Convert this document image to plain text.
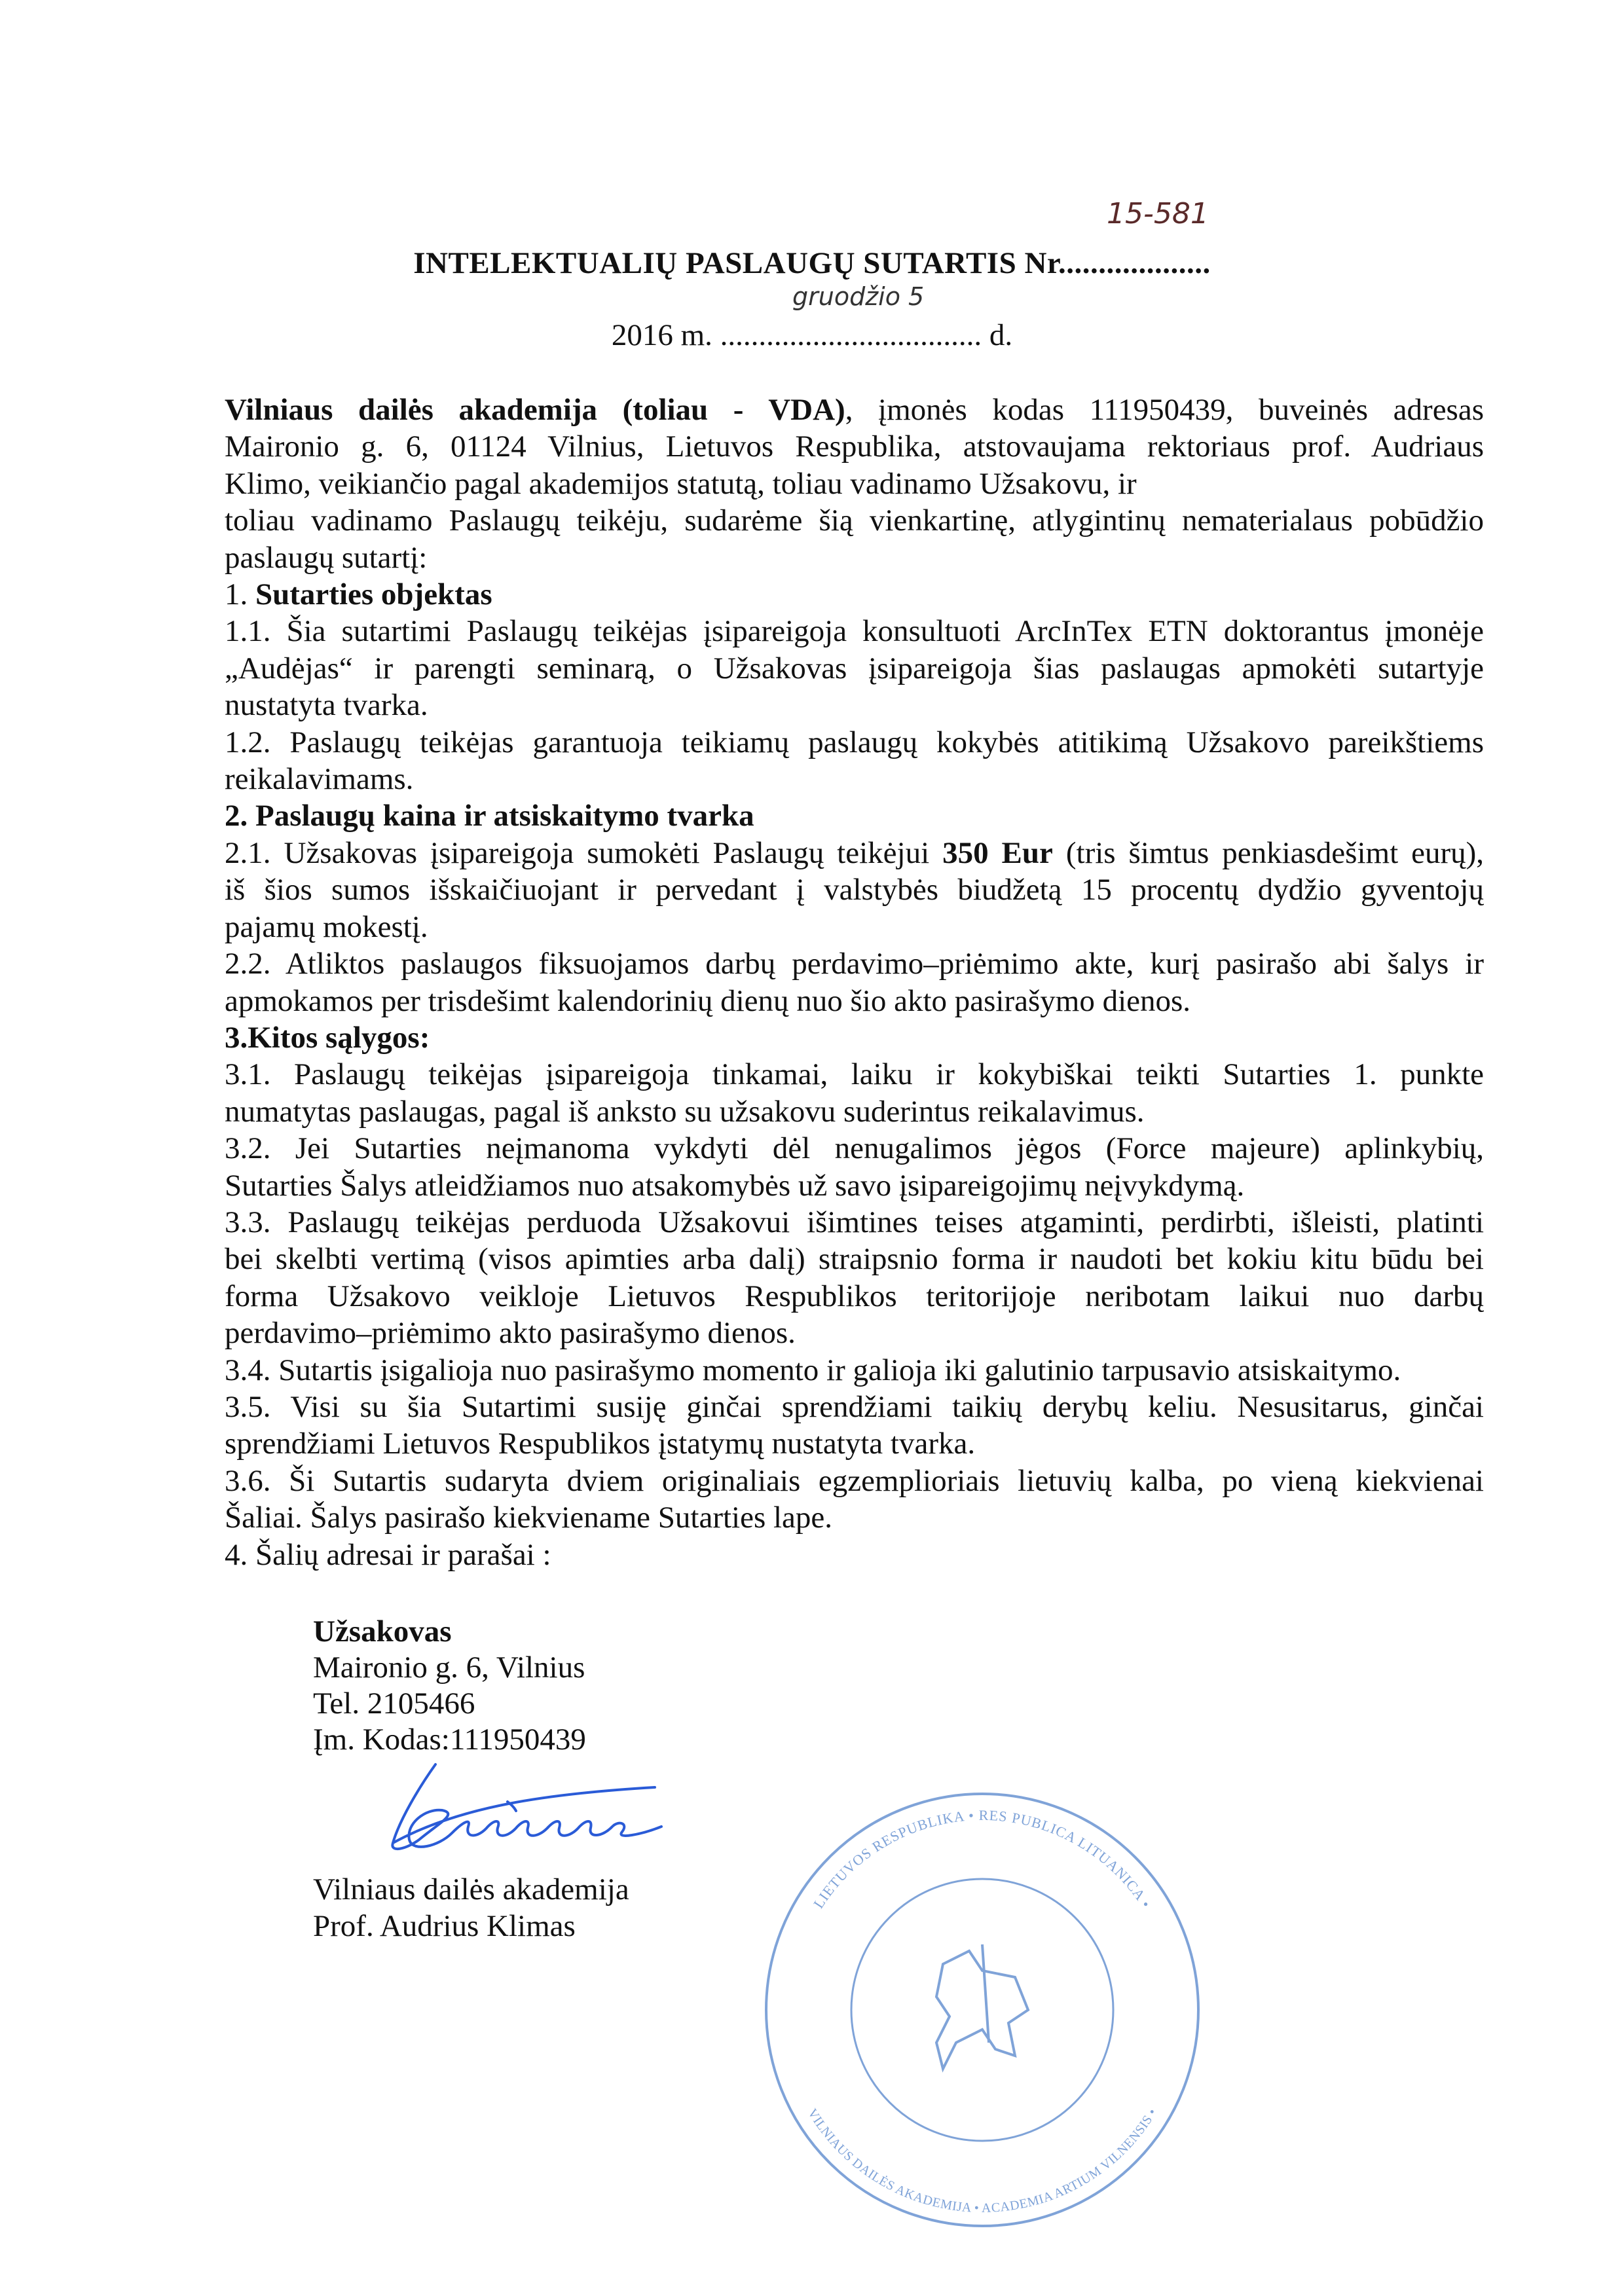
INTELEKTUALIŲ PASLAUGŲ SUTARTIS Nr...................
15-581
2016 m. .................................. d.
gruodžio 5
Vilniaus dailės akademija (toliau - VDA), įmonės kodas 111950439, buveinės adresas
Maironio g. 6, 01124 Vilnius, Lietuvos Respublika, atstovaujama rektoriaus prof. Audriaus
Klimo, veikiančio pagal akademijos statutą, toliau vadinamo Užsakovu, ir
toliau vadinamo Paslaugų teikėju, sudarėme šią vienkartinę, atlygintinų nematerialaus pobūdžio
paslaugų sutartį:
1. Sutarties objektas
1.1. Šia sutartimi Paslaugų teikėjas įsipareigoja konsultuoti ArcInTex ETN doktorantus įmonėje
„Audėjas“ ir parengti seminarą, o Užsakovas įsipareigoja šias paslaugas apmokėti sutartyje
nustatyta tvarka.
1.2. Paslaugų teikėjas garantuoja teikiamų paslaugų kokybės atitikimą Užsakovo pareikštiems
reikalavimams.
2. Paslaugų kaina ir atsiskaitymo tvarka
2.1. Užsakovas įsipareigoja sumokėti Paslaugų teikėjui 350 Eur (tris šimtus penkiasdešimt eurų),
iš šios sumos išskaičiuojant ir pervedant į valstybės biudžetą 15 procentų dydžio gyventojų
pajamų mokestį.
2.2. Atliktos paslaugos fiksuojamos darbų perdavimo–priėmimo akte, kurį pasirašo abi šalys ir
apmokamos per trisdešimt kalendorinių dienų nuo šio akto pasirašymo dienos.
3.Kitos sąlygos:
3.1. Paslaugų teikėjas įsipareigoja tinkamai, laiku ir kokybiškai teikti Sutarties 1. punkte
numatytas paslaugas, pagal iš anksto su užsakovu suderintus reikalavimus.
3.2. Jei Sutarties neįmanoma vykdyti dėl nenugalimos jėgos (Force majeure) aplinkybių,
Sutarties Šalys atleidžiamos nuo atsakomybės už savo įsipareigojimų neįvykdymą.
3.3. Paslaugų teikėjas perduoda Užsakovui išimtines teises atgaminti, perdirbti, išleisti, platinti
bei skelbti vertimą (visos apimties arba dalį) straipsnio forma ir naudoti bet kokiu kitu būdu bei
forma Užsakovo veikloje Lietuvos Respublikos teritorijoje neribotam laikui nuo darbų
perdavimo–priėmimo akto pasirašymo dienos.
3.4. Sutartis įsigalioja nuo pasirašymo momento ir galioja iki galutinio tarpusavio atsiskaitymo.
3.5. Visi su šia Sutartimi susiję ginčai sprendžiami taikių derybų keliu. Nesusitarus, ginčai
sprendžiami Lietuvos Respublikos įstatymų nustatyta tvarka.
3.6. Ši Sutartis sudaryta dviem originaliais egzemplioriais lietuvių kalba, po vieną kiekvienai
Šaliai. Šalys pasirašo kiekviename Sutarties lape.
4. Šalių adresai ir parašai :
Užsakovas
Maironio g. 6, Vilnius
Tel. 2105466
Įm. Kodas:111950439
LIETUVOS RESPUBLIKA • RES PUBLICA LITUANICA •
VILNIAUS DAILĖS AKADEMIJA • ACADEMIA ARTIUM VILNENSIS •
Vilniaus dailės akademija
Prof. Audrius Klimas
